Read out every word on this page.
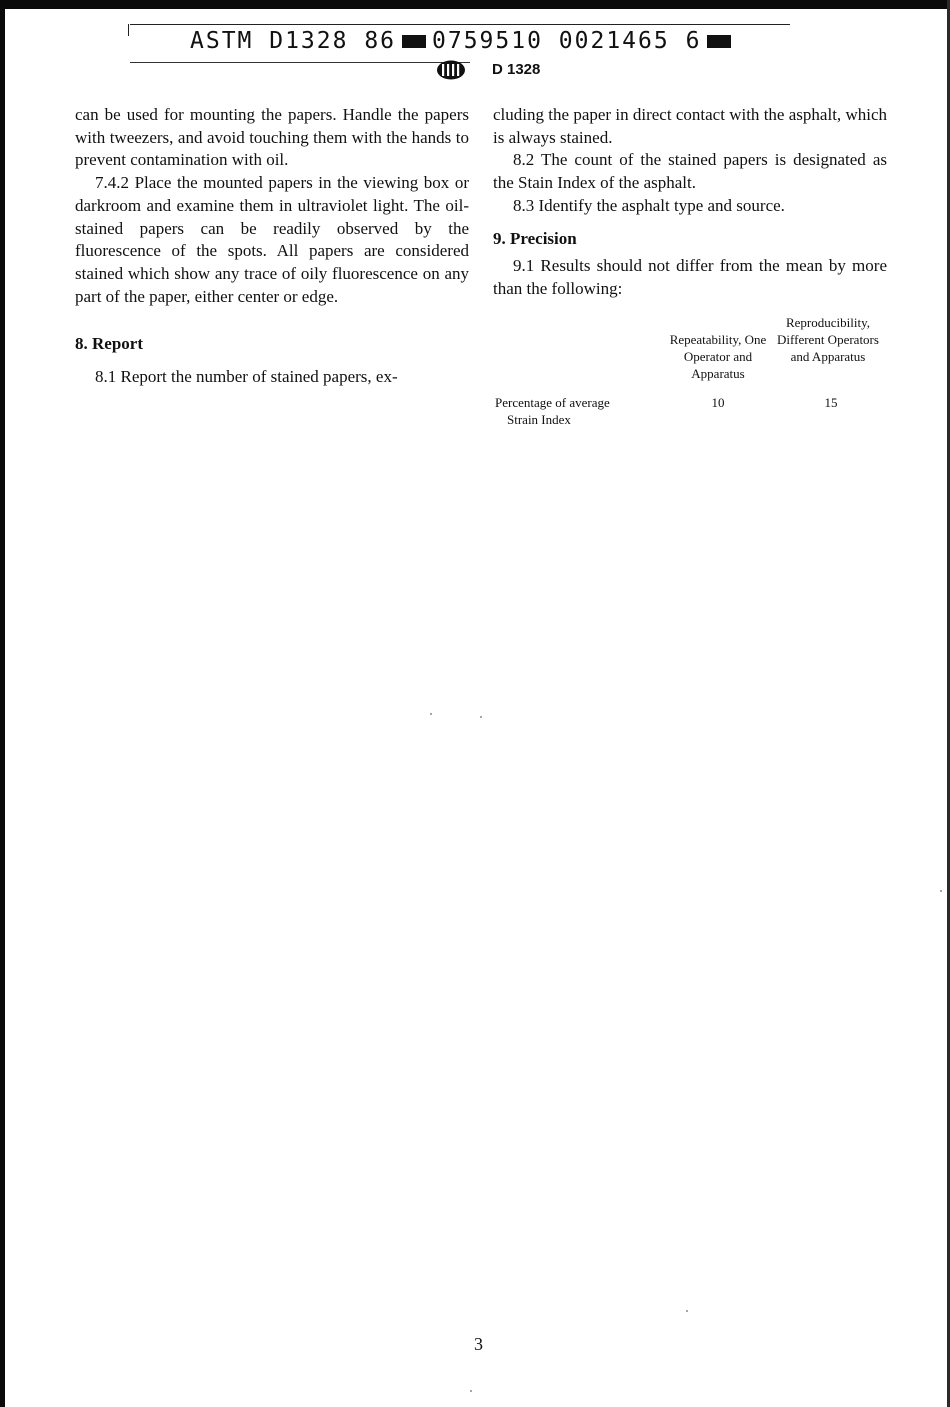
ASTM D1328 86 0759510 0021465 6
D 1328

can be used for mounting the papers. Handle the papers with tweezers, and avoid touching them with the hands to prevent contamination with oil.

7.4.2 Place the mounted papers in the viewing box or darkroom and examine them in ultraviolet light. The oil-stained papers can be readily observed by the fluorescence of the spots. All papers are considered stained which show any trace of oily fluorescence on any part of the paper, either center or edge.

8. Report

8.1 Report the number of stained papers, ex-

cluding the paper in direct contact with the asphalt, which is always stained.

8.2 The count of the stained papers is designated as the Stain Index of the asphalt.

8.3 Identify the asphalt type and source.

9. Precision

9.1 Results should not differ from the mean by more than the following:

Repeatability, One Operator and Apparatus
Reproducibility, Different Operators and Apparatus
Percentage of average
Strain Index
10	15
3
